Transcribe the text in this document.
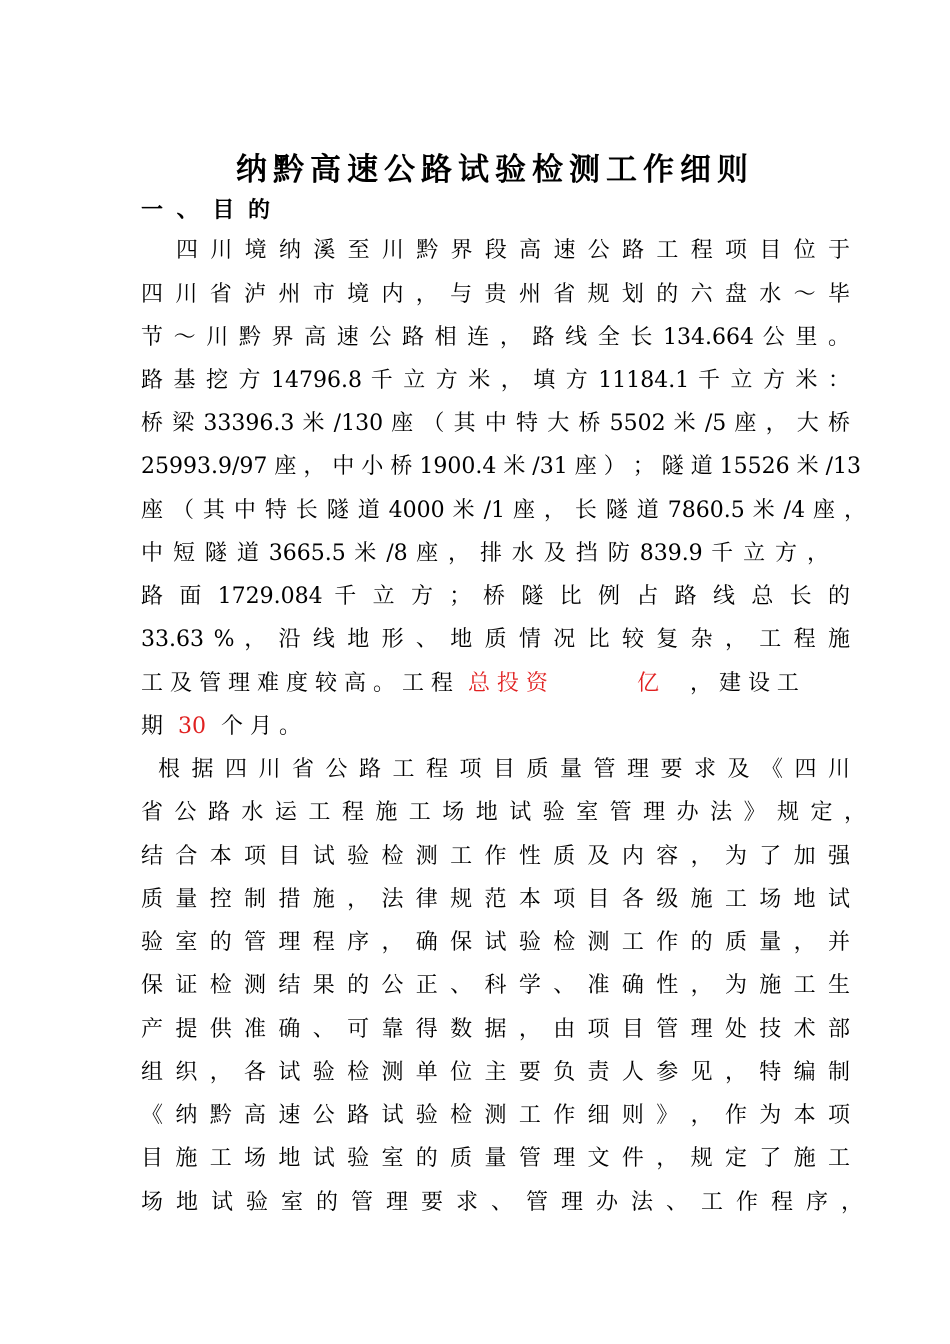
纳黔高速公路试验检测工作细则
一 、 目 的
四 川 境 纳 溪 至 川 黔 界 段 高 速 公 路 工 程 项 目 位 于
四 川 省 泸 州 市 境 内 ， 与 贵 州 省 规 划 的 六 盘 水 ～ 毕
节 ～ 川 黔 界 高 速 公 路 相 连 ， 路 线 全 长 134.664 公 里 。
路 基 挖 方 14796.8 千 立 方 米 ， 填 方 11184.1 千 立 方 米 ：
桥 梁 33396.3 米 /130 座 （ 其 中 特 大 桥 5502 米 /5 座 ， 大 桥
25993.9/97 座 ， 中 小 桥 1900.4 米 /31 座 ） ； 隧 道 15526 米 /13
座 （ 其 中 特 长 隧 道 4000 米 /1 座 ， 长 隧 道 7860.5 米 /4 座 ，
中 短 隧 道 3665.5 米 /8 座 ， 排 水 及 挡 防 839.9 千 立 方 ，
路 面 1729.084 千 立 方 ； 桥 隧 比 例 占 路 线 总 长 的
33.63 % ， 沿 线 地 形 、 地 质 情 况 比 较 复 杂 ， 工 程 施
工 及 管 理 难 度 较 高 。 工 程 总 投 资	亿 ， 建 设 工
期 30 个 月 。
根 据 四 川 省 公 路 工 程 项 目 质 量 管 理 要 求 及 《 四 川
省 公 路 水 运 工 程 施 工 场 地 试 验 室 管 理 办 法 》 规 定 ，
结 合 本 项 目 试 验 检 测 工 作 性 质 及 内 容 ， 为 了 加 强
质 量 控 制 措 施 ， 法 律 规 范 本 项 目 各 级 施 工 场 地 试
验 室 的 管 理 程 序 ， 确 保 试 验 检 测 工 作 的 质 量 ， 并
保 证 检 测 结 果 的 公 正 、 科 学 、 准 确 性 ， 为 施 工 生
产 提 供 准 确 、 可 靠 得 数 据 ， 由 项 目 管 理 处 技 术 部
组 织 ， 各 试 验 检 测 单 位 主 要 负 责 人 参 见 ， 特 编 制
《 纳 黔 高 速 公 路 试 验 检 测 工 作 细 则 》 ， 作 为 本 项
目 施 工 场 地 试 验 室 的 质 量 管 理 文 件 ， 规 定 了 施 工
场 地 试 验 室 的 管 理 要 求 、 管 理 办 法 、 工 作 程 序 ，
